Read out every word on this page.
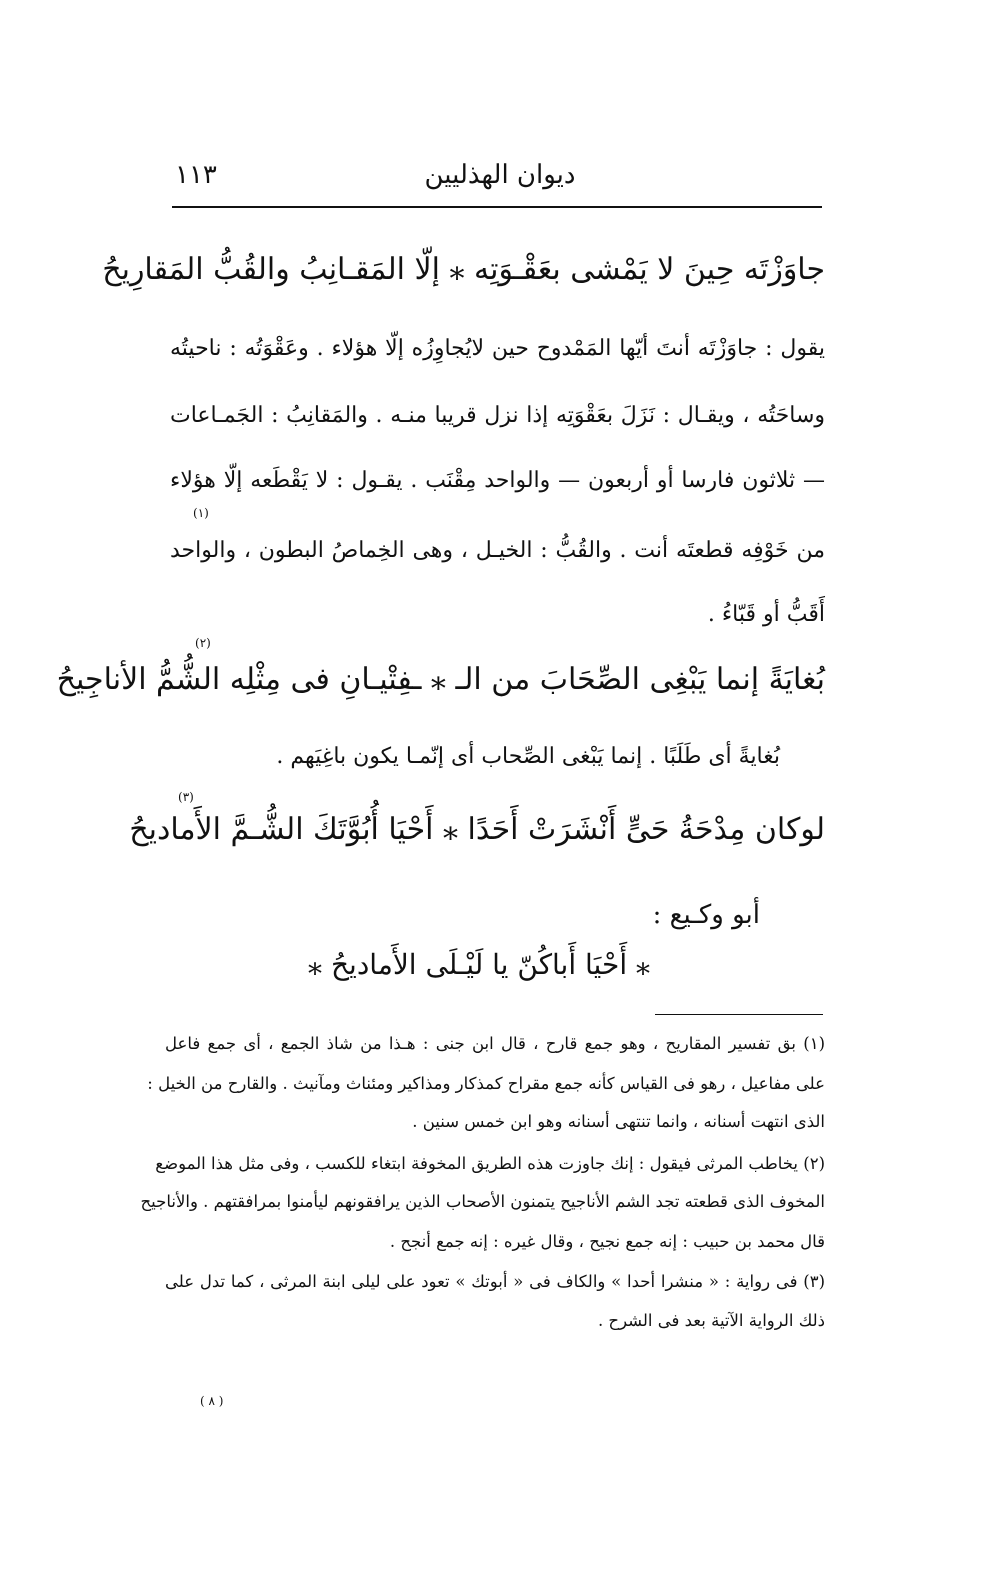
١١٣	ديوان الهذليين
جاوَزْتَه حِينَ لا يَمْشى بعَقْـوَتِه ⁎ إلّا المَقـانِبُ والقُبُّ المَقارِيحُ
يقول : جاوَزْتَه أنتَ أيّها المَمْدوح حين لايُجاوِزُه إلّا هؤلاء . وعَقْوَتُه : ناحيتُه
وساحَتُه ، ويقـال : نَزَلَ بعَقْوَتِه إذا نزل قريبا منـه . والمَقانِبُ : الجَمـاعات
— ثلاثون فارسا أو أربعون — والواحد مِقْنَب . يقـول : لا يَقْطَعه إلّا هؤلاء
(١)
من خَوْفِه قطعتَه أنت . والقُبُّ : الخيـل ، وهى الخِماصُ البطون ، والواحد
أَقَبُّ أو قَبّاءُ .
(٢)
بُغايَةً إنما يَبْغِى الصِّحَابَ من الـ ⁎ ـفِتْيـانِ فى مِثْلِه الشُّمُّ الأناجِيحُ
بُغايةً أى طَلَبًا . إنما يَبْغى الصِّحاب أى إنّمـا يكون باغِيَهم .
(٣)
لوكان مِدْحَةُ حَىٍّ أَنْشَرَتْ أَحَدًا ⁎ أَحْيَا أُبُوَّتَكَ الشُّـمَّ الأَماديحُ
أبو وكـيع :
⁎ أَحْيَا أَباكُنّ يا لَيْـلَى الأَماديحُ ⁎
(١) بق تفسير المقاريح ، وهو جمع قارح ، قال ابن جنى : هـذا من شاذ الجمع ، أى جمع فاعل
على مفاعيل ، رهو فى القياس كأنه جمع مقراح كمذكار ومذاكير ومئناث ومآنيث . والقارح من الخيل :
الذى انتهت أسنانه ، وانما تنتهى أسنانه وهو ابن خمس سنين .
(٢) يخاطب المرثى فيقول : إنك جاوزت هذه الطريق المخوفة ابتغاء للكسب ، وفى مثل هذا الموضع
المخوف الذى قطعته تجد الشم الأناجيح يتمنون الأصحاب الذين يرافقونهم ليأمنوا بمرافقتهم . والأناجيح
قال محمد بن حبيب : إنه جمع نجيح ، وقال غيره : إنه جمع أنجح .
(٣) فى رواية : « منشرا أحدا » والكاف فى « أبوتك » تعود على ليلى ابنة المرثى ، كما تدل على
ذلك الرواية الآتية بعد فى الشرح .
( ٨ )
